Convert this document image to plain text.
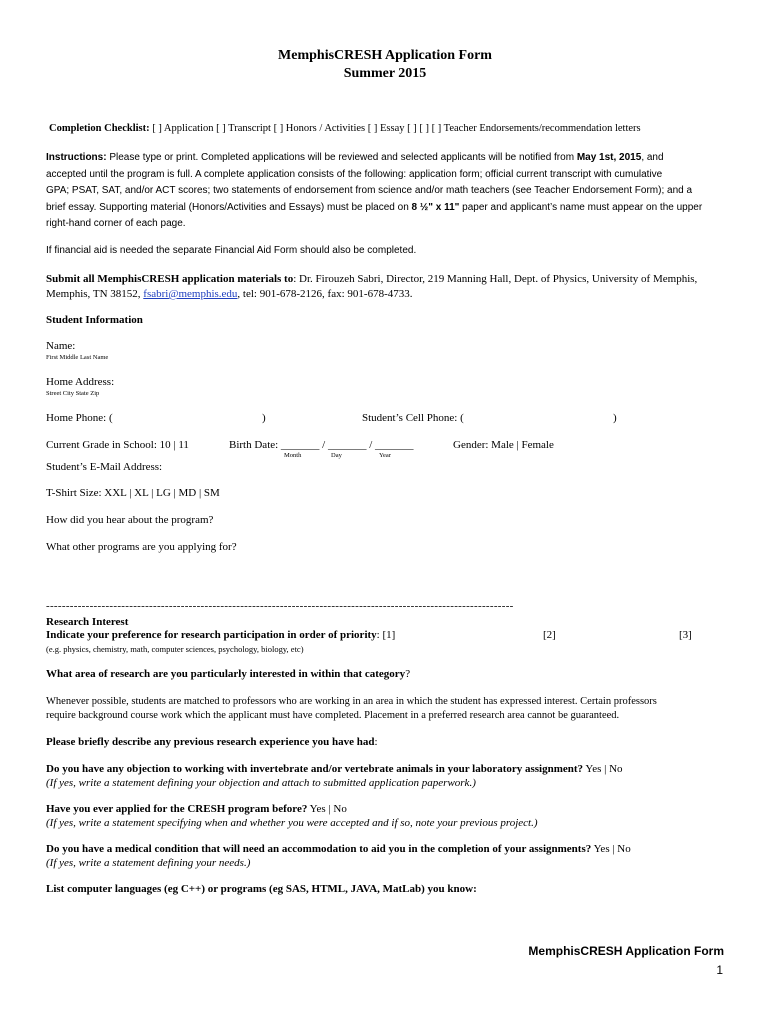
MemphisCRESH Application Form
Summer 2015
Completion Checklist: [ ] Application [ ] Transcript [ ] Honors / Activities [ ] Essay [ ] [ ] [ ] Teacher Endorsements/recommendation letters
Instructions: Please type or print. Completed applications will be reviewed and selected applicants will be notified from May 1st, 2015, and
accepted until the program is full. A complete application consists of the following: application form; official current transcript with cumulative
GPA; PSAT, SAT, and/or ACT scores; two statements of endorsement from science and/or math teachers (see Teacher Endorsement Form); and a
brief essay. Supporting material (Honors/Activities and Essays) must be placed on 8 ½" x 11" paper and applicant’s name must appear on the upper
right-hand corner of each page.
If financial aid is needed the separate Financial Aid Form should also be completed.
Submit all MemphisCRESH application materials to: Dr. Firouzeh Sabri, Director, 219 Manning Hall, Dept. of Physics, University of Memphis,
Memphis, TN 38152, fsabri@memphis.edu, tel: 901-678-2126, fax: 901-678-4733.
Student Information
Name:
First Middle Last Name
Home Address:
Street City State Zip
Home Phone: (	)	Student’s Cell Phone: (	)
Current Grade in School: 10 | 11	Birth Date: _______ / _______ / _______
Month	Day	Year
Gender: Male | Female
Student’s E-Mail Address:
T-Shirt Size: XXL | XL | LG | MD | SM
How did you hear about the program?
What other programs are you applying for?
----------------------------------------------------------------------------------------------------------------------
Research Interest
Indicate your preference for research participation in order of priority: [1]	[2]	[3]
(e.g. physics, chemistry, math, computer sciences, psychology, biology, etc)
What area of research are you particularly interested in within that category?
Whenever possible, students are matched to professors who are working in an area in which the student has expressed interest. Certain professors
require background course work which the applicant must have completed. Placement in a preferred research area cannot be guaranteed.
Please briefly describe any previous research experience you have had:
Do you have any objection to working with invertebrate and/or vertebrate animals in your laboratory assignment? Yes | No
(If yes, write a statement defining your objection and attach to submitted application paperwork.)
Have you ever applied for the CRESH program before? Yes | No
(If yes, write a statement specifying when and whether you were accepted and if so, note your previous project.)
Do you have a medical condition that will need an accommodation to aid you in the completion of your assignments? Yes | No
(If yes, write a statement defining your needs.)
List computer languages (eg C++) or programs (eg SAS, HTML, JAVA, MatLab) you know:
MemphisCRESH Application Form
1
